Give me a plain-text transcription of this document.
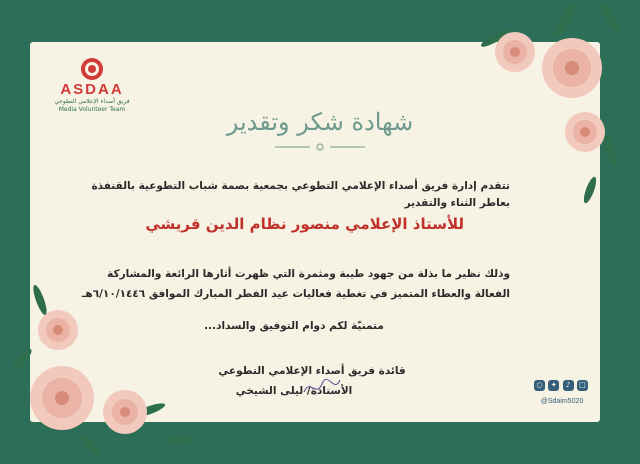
ASDAA
فريق أصداء الإعلامي التطوعي
Media Volunteer Team	شهادة شكر وتقدير
تتقدم إدارة فريق أصداء الإعلامي التطوعي بجمعية بصمة شباب التطوعية بالقنفذة بعاطر الثناء والتقدير
للأستاذ الإعلامي منصور نظام الدين قريشي
وذلك نظير ما بذلة من جهود طيبة ومثمرة التي ظهرت أثارها الرائعة والمشاركة الفعالة والعطاء المتميز في تغطية فعاليات عيد الفطر المبارك الموافق ٦/١٠/١٤٤٦هـ
متمنيّة لكم دوام التوفيق والسداد...
قائدة فريق أصداء الإعلامي التطوعي
الأستاذة/ ليلى الشيخي	○	✦	♪	□
@Sdaim5020
